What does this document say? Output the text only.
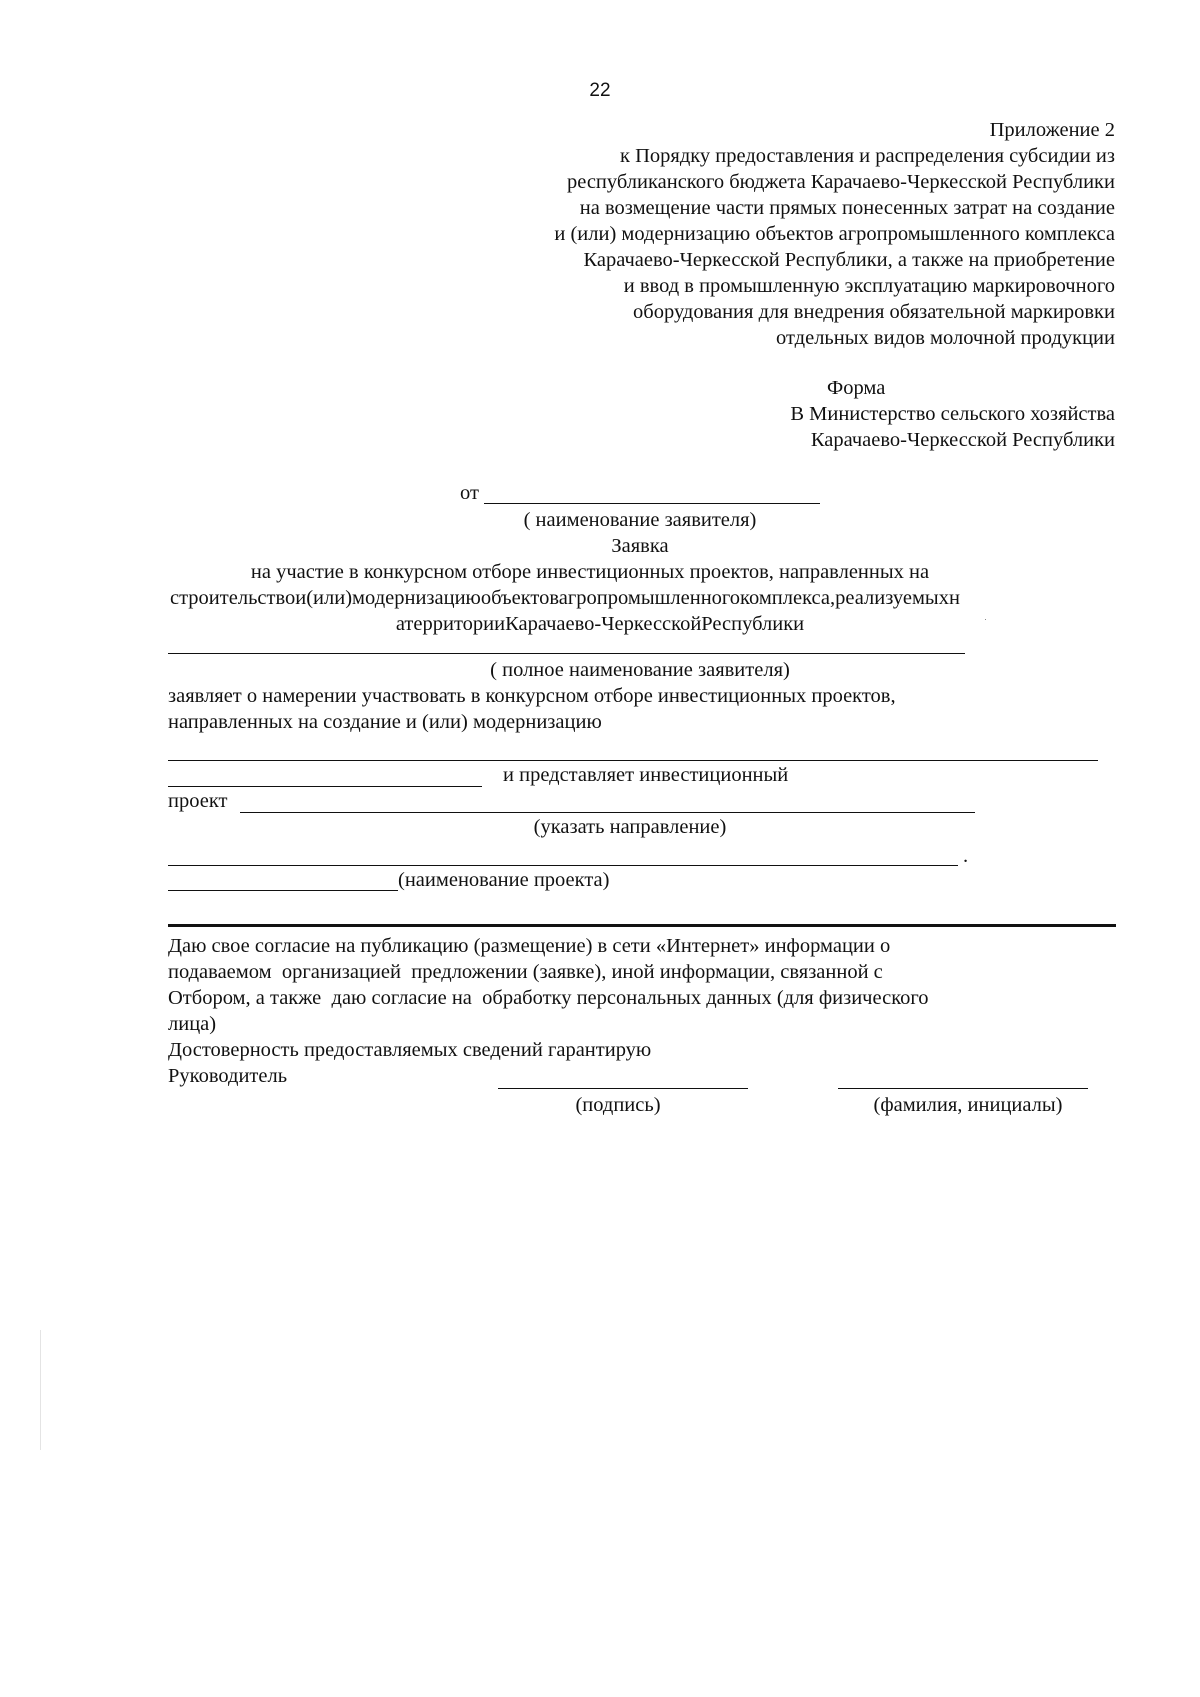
22
Приложение 2
к Порядку предоставления и распределения субсидии из
республиканского бюджета Карачаево-Черкесской Республики
на возмещение части прямых понесенных затрат на создание
и (или) модернизацию объектов агропромышленного комплекса
Карачаево-Черкесской Республики, а также на приобретение
и ввод в промышленную эксплуатацию маркировочного
оборудования для внедрения обязательной маркировки
отдельных видов молочной продукции
Форма
В Министерство сельского хозяйства
Карачаево-Черкесской Республики
от
( наименование заявителя)
Заявка
на участие в конкурсном отборе инвестиционных проектов, направленных на
строительствои(или)модернизациюобъектовагропромышленногокомплекса,реализуемыхн
атерриторииКарачаево-ЧеркесскойРеспублики
( полное наименование заявителя)
заявляет о намерении участвовать в конкурсном отборе инвестиционных проектов,
направленных на создание и (или) модернизацию
и представляет инвестиционный
проект
(указать направление)
.
(наименование проекта)
Даю свое согласие на публикацию (размещение) в сети «Интернет» информации о
подаваемом  организацией  предложении (заявке), иной информации, связанной с
Отбором, а также  даю согласие на  обработку персональных данных (для физического
лица)
Достоверность предоставляемых сведений гарантирую
Руководитель
(подпись)	(фамилия, инициалы)
